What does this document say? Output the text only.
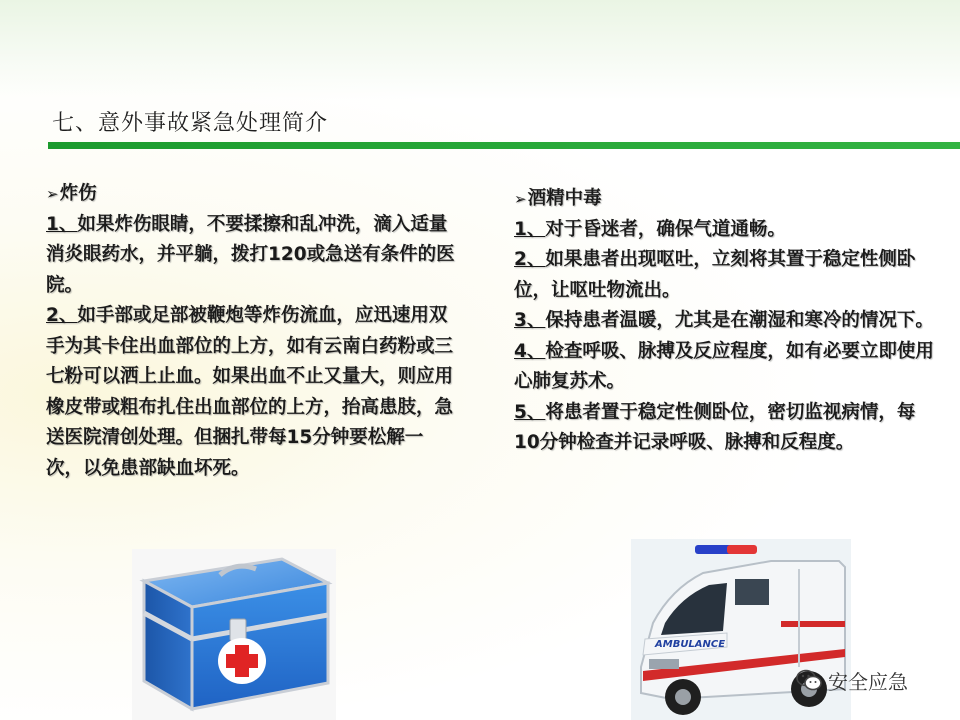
七、意外事故紧急处理简介
➢炸伤
1、如果炸伤眼睛，不要揉擦和乱冲洗，滴入适量消炎眼药水，并平躺，拨打120或急送有条件的医院。
2、如手部或足部被鞭炮等炸伤流血，应迅速用双手为其卡住出血部位的上方，如有云南白药粉或三七粉可以洒上止血。如果出血不止又量大，则应用橡皮带或粗布扎住出血部位的上方，抬高患肢，急送医院清创处理。但捆扎带每15分钟要松解一次，以免患部缺血坏死。
➢酒精中毒
1、对于昏迷者，确保气道通畅。
2、如果患者出现呕吐，立刻将其置于稳定性侧卧位，让呕吐物流出。
3、保持患者温暖，尤其是在潮湿和寒冷的情况下。
4、检查呼吸、脉搏及反应程度，如有必要立即使用心肺复苏术。
5、将患者置于稳定性侧卧位，密切监视病情，每10分钟检查并记录呼吸、脉搏和反程度。
AMBULANCE
安全应急
